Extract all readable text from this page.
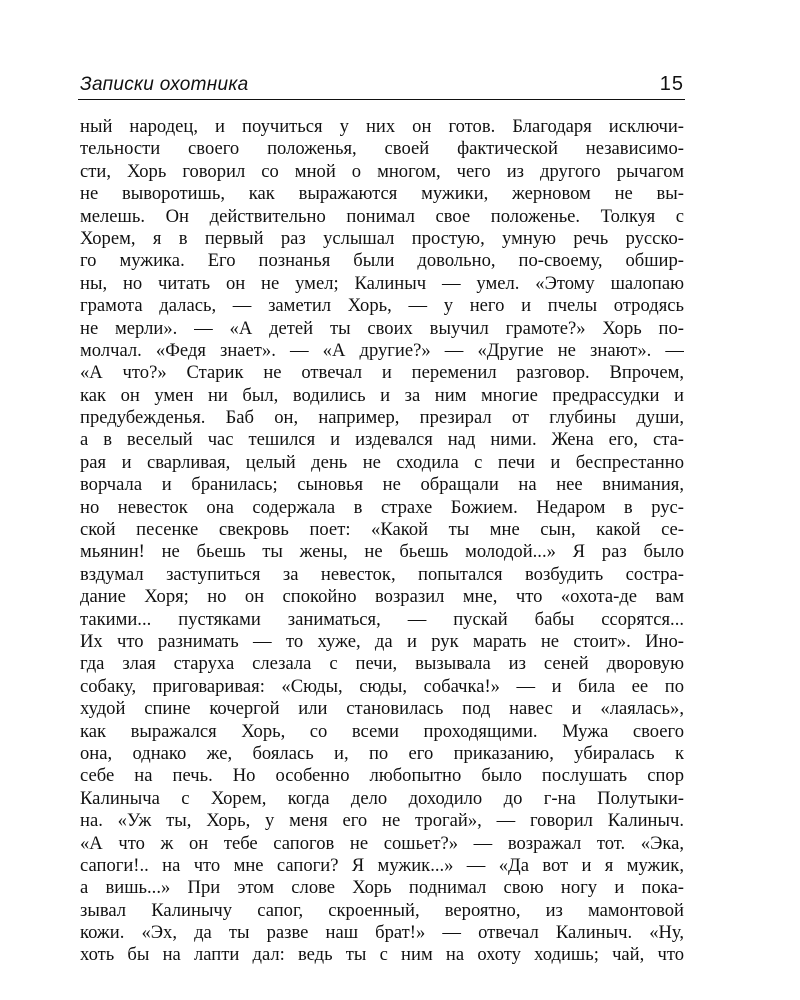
Записки охотника	15
ный народец, и поучиться у них он готов. Благодаря исключи-
тельности своего положенья, своей фактической независимо-
сти, Хорь говорил со мной о многом, чего из другого рычагом
не выворотишь, как выражаются мужики, жерновом не вы-
мелешь. Он действительно понимал свое положенье. Толкуя с
Хорем, я в первый раз услышал простую, умную речь русско-
го мужика. Его познанья были довольно, по-своему, обшир-
ны, но читать он не умел; Калиныч — умел. «Этому шалопаю
грамота далась, — заметил Хорь, — у него и пчелы отродясь
не мерли». — «А детей ты своих выучил грамоте?» Хорь по-
молчал. «Федя знает». — «А другие?» — «Другие не знают». —
«А что?» Старик не отвечал и переменил разговор. Впрочем,
как он умен ни был, водились и за ним многие предрассудки и
предубежденья. Баб он, например, презирал от глубины души,
а в веселый час тешился и издевался над ними. Жена его, ста-
рая и сварливая, целый день не сходила с печи и беспрестанно
ворчала и бранилась; сыновья не обращали на нее внимания,
но невесток она содержала в страхе Божием. Недаром в рус-
ской песенке свекровь поет: «Какой ты мне сын, какой се-
мьянин! не бьешь ты жены, не бьешь молодой...» Я раз было
вздумал заступиться за невесток, попытался возбудить состра-
дание Хоря; но он спокойно возразил мне, что «охота-де вам
такими... пустяками заниматься, — пускай бабы ссорятся...
Их что разнимать — то хуже, да и рук марать не стоит». Ино-
гда злая старуха слезала с печи, вызывала из сеней дворовую
собаку, приговаривая: «Сюды, сюды, собачка!» — и била ее по
худой спине кочергой или становилась под навес и «лаялась»,
как выражался Хорь, со всеми проходящими. Мужа своего
она, однако же, боялась и, по его приказанию, убиралась к
себе на печь. Но особенно любопытно было послушать спор
Калиныча с Хорем, когда дело доходило до г-на Полутыки-
на. «Уж ты, Хорь, у меня его не трогай», — говорил Калиныч.
«А что ж он тебе сапогов не сошьет?» — возражал тот. «Эка,
сапоги!.. на что мне сапоги? Я мужик...» — «Да вот и я мужик,
а вишь...» При этом слове Хорь поднимал свою ногу и пока-
зывал Калинычу сапог, скроенный, вероятно, из мамонтовой
кожи. «Эх, да ты разве наш брат!» — отвечал Калиныч. «Ну,
хоть бы на лапти дал: ведь ты с ним на охоту ходишь; чай, что
